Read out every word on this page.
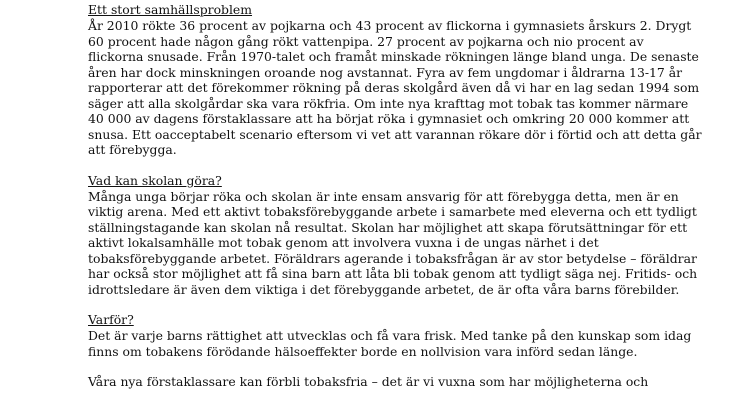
Ett stort samhällsproblem

År 2010 rökte 36 procent av pojkarna och 43 procent av flickorna i gymnasiets årskurs 2. Drygt
60 procent hade någon gång rökt vattenpipa. 27 procent av pojkarna och nio procent av
flickorna snusade. Från 1970-talet och framåt minskade rökningen länge bland unga. De senaste
åren har dock minskningen oroande nog avstannat. Fyra av fem ungdomar i åldrarna 13-17 år
rapporterar att det förekommer rökning på deras skolgård även då vi har en lag sedan 1994 som
säger att alla skolgårdar ska vara rökfria. Om inte nya krafttag mot tobak tas kommer närmare
40 000 av dagens förstaklassare att ha börjat röka i gymnasiet och omkring 20 000 kommer att
snusa. Ett oacceptabelt scenario eftersom vi vet att varannan rökare dör i förtid och att detta går
att förebygga.

Vad kan skolan göra?

Många unga börjar röka och skolan är inte ensam ansvarig för att förebygga detta, men är en
viktig arena. Med ett aktivt tobaksförebyggande arbete i samarbete med eleverna och ett tydligt
ställningstagande kan skolan nå resultat. Skolan har möjlighet att skapa förutsättningar för ett
aktivt lokalsamhälle mot tobak genom att involvera vuxna i de ungas närhet i det
tobaksförebyggande arbetet. Föräldrars agerande i tobaksfrågan är av stor betydelse – föräldrar
har också stor möjlighet att få sina barn att låta bli tobak genom att tydligt säga nej. Fritids- och
idrottsledare är även dem viktiga i det förebyggande arbetet, de är ofta våra barns förebilder.

Varför?

Det är varje barns rättighet att utvecklas och få vara frisk. Med tanke på den kunskap som idag
finns om tobakens förödande hälsoeffekter borde en nollvision vara införd sedan länge.

Våra nya förstaklassare kan förbli tobaksfria – det är vi vuxna som har möjligheterna och
